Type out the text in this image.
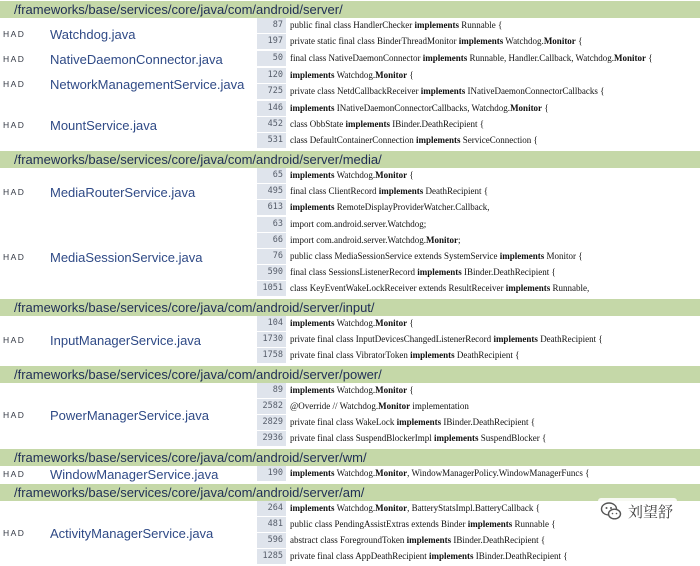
/frameworks/base/services/core/java/com/android/server/
HAD	Watchdog.java
87 public final class HandlerChecker implements Runnable {
197 private static final class BinderThreadMonitor implements Watchdog.Monitor {
HAD	NativeDaemonConnector.java	50 final class NativeDaemonConnector implements Runnable, Handler.Callback, Watchdog.Monitor {
HAD	NetworkManagementService.java
120 implements Watchdog.Monitor {
725 private class NetdCallbackReceiver implements INativeDaemonConnectorCallbacks {
HAD	MountService.java
146 implements INativeDaemonConnectorCallbacks, Watchdog.Monitor {
452 class ObbState implements IBinder.DeathRecipient {
531 class DefaultContainerConnection implements ServiceConnection {
/frameworks/base/services/core/java/com/android/server/media/
HAD	MediaRouterService.java
65 implements Watchdog.Monitor {
495 final class ClientRecord implements DeathRecipient {
613 implements RemoteDisplayProviderWatcher.Callback,
HAD	MediaSessionService.java
63 import com.android.server.Watchdog;
66 import com.android.server.Watchdog.Monitor;
76 public class MediaSessionService extends SystemService implements Monitor {
590 final class SessionsListenerRecord implements IBinder.DeathRecipient {
1051 class KeyEventWakeLockReceiver extends ResultReceiver implements Runnable,
/frameworks/base/services/core/java/com/android/server/input/
HAD	InputManagerService.java
104 implements Watchdog.Monitor {
1730 private final class InputDevicesChangedListenerRecord implements DeathRecipient {
1758 private final class VibratorToken implements DeathRecipient {
/frameworks/base/services/core/java/com/android/server/power/
HAD	PowerManagerService.java
89 implements Watchdog.Monitor {
2582 @Override // Watchdog.Monitor implementation
2829 private final class WakeLock implements IBinder.DeathRecipient {
2936 private final class SuspendBlockerImpl implements SuspendBlocker {
/frameworks/base/services/core/java/com/android/server/wm/
HAD	WindowManagerService.java	190 implements Watchdog.Monitor, WindowManagerPolicy.WindowManagerFuncs {
/frameworks/base/services/core/java/com/android/server/am/
HAD	ActivityManagerService.java
264 implements Watchdog.Monitor, BatteryStatsImpl.BatteryCallback {
481 public class PendingAssistExtras extends Binder implements Runnable {
596 abstract class ForegroundToken implements IBinder.DeathRecipient {
1285 private final class AppDeathRecipient implements IBinder.DeathRecipient {
刘望舒
